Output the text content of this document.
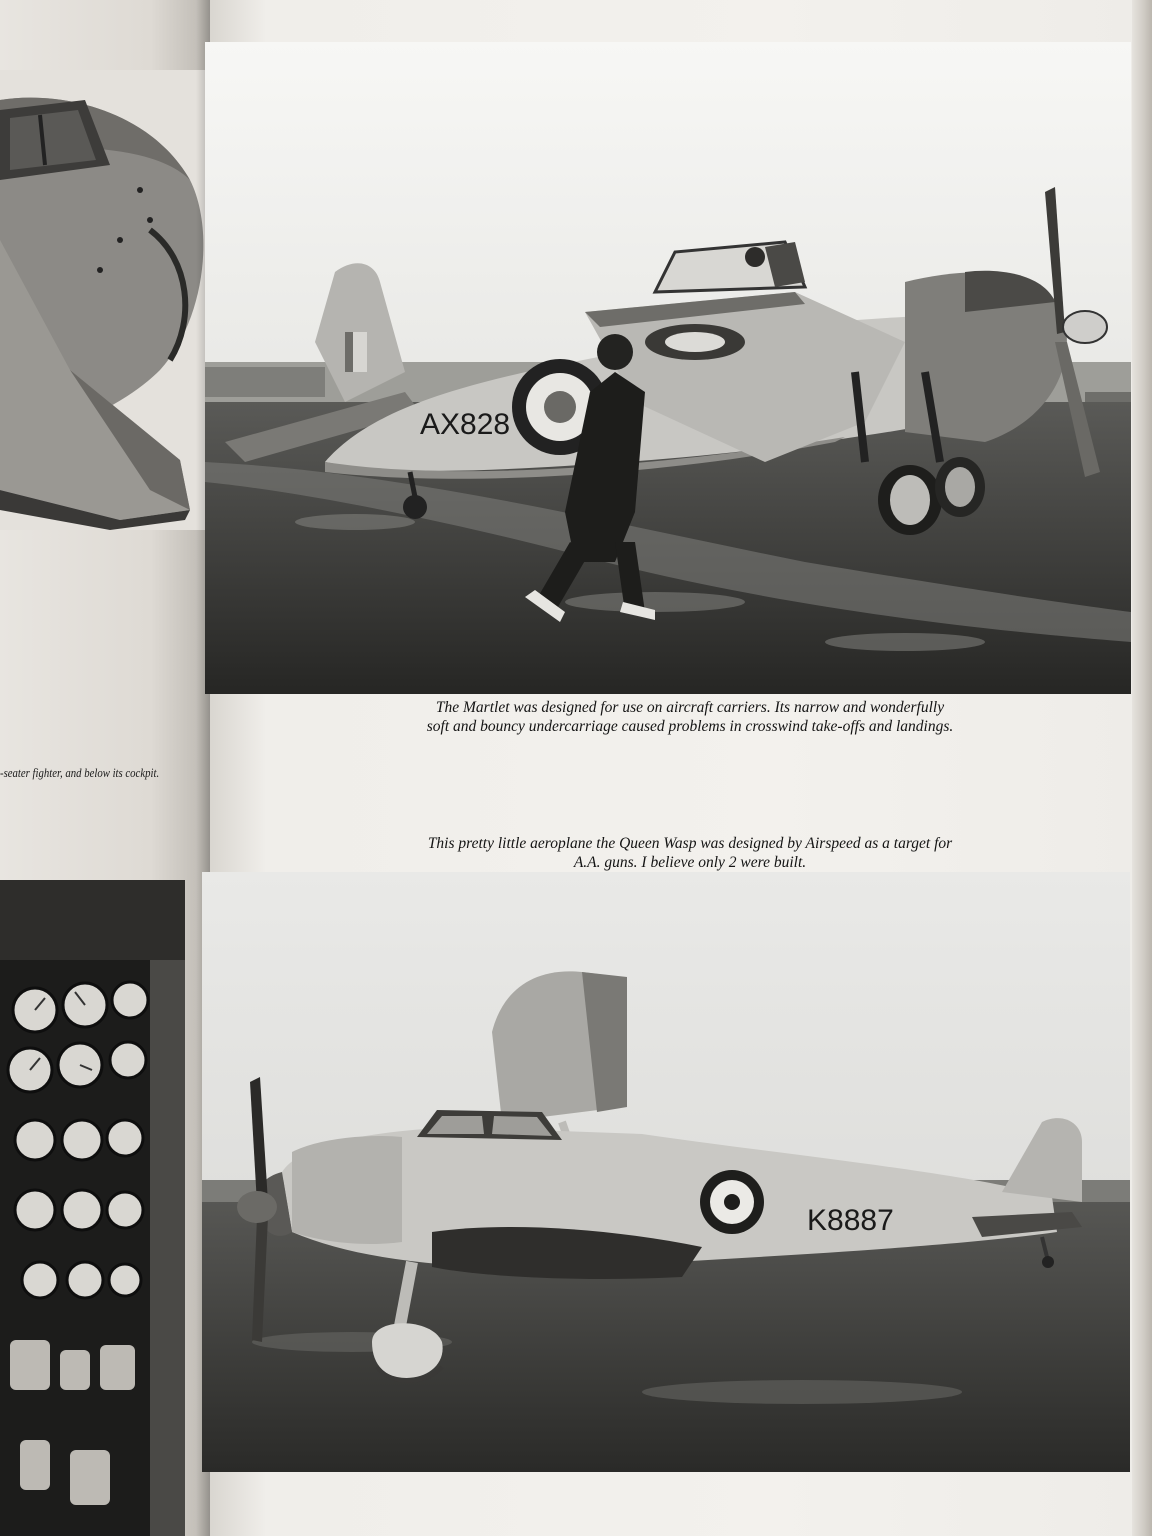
-seater fighter, and below its cockpit.
AX828
The Martlet was designed for use on aircraft carriers. Its narrow and wonderfully
soft and bouncy undercarriage caused problems in crosswind take-offs and landings.
This pretty little aeroplane the Queen Wasp was designed by Airspeed as a target for
A.A. guns. I believe only 2 were built.
K8887
